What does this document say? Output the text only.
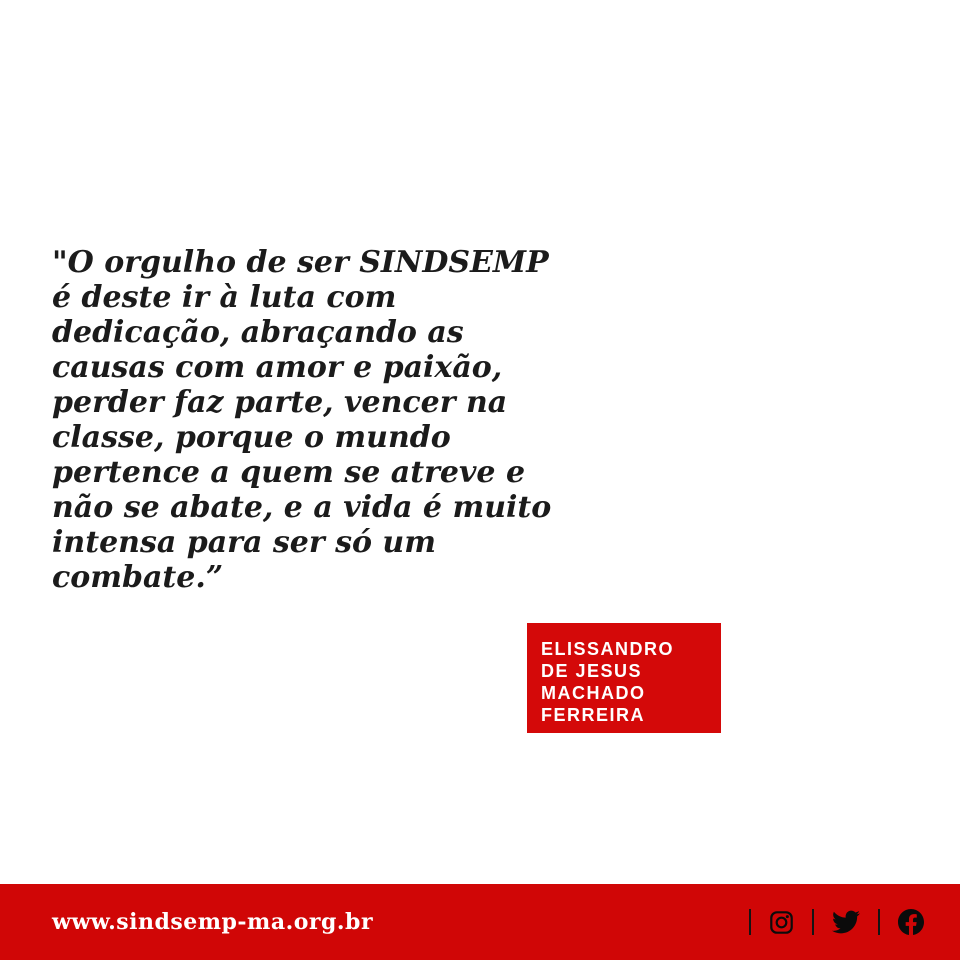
"O orgulho de ser SINDSEMP
é deste ir à luta com
dedicação, abraçando as
causas com amor e paixão,
perder faz parte, vencer na
classe, porque o mundo
pertence a quem se atreve e
não se abate, e a vida é muito
intensa para ser só um
combate.”
ELISSANDRO
DE JESUS
MACHADO
FERREIRA
www.sindsemp-ma.org.br
